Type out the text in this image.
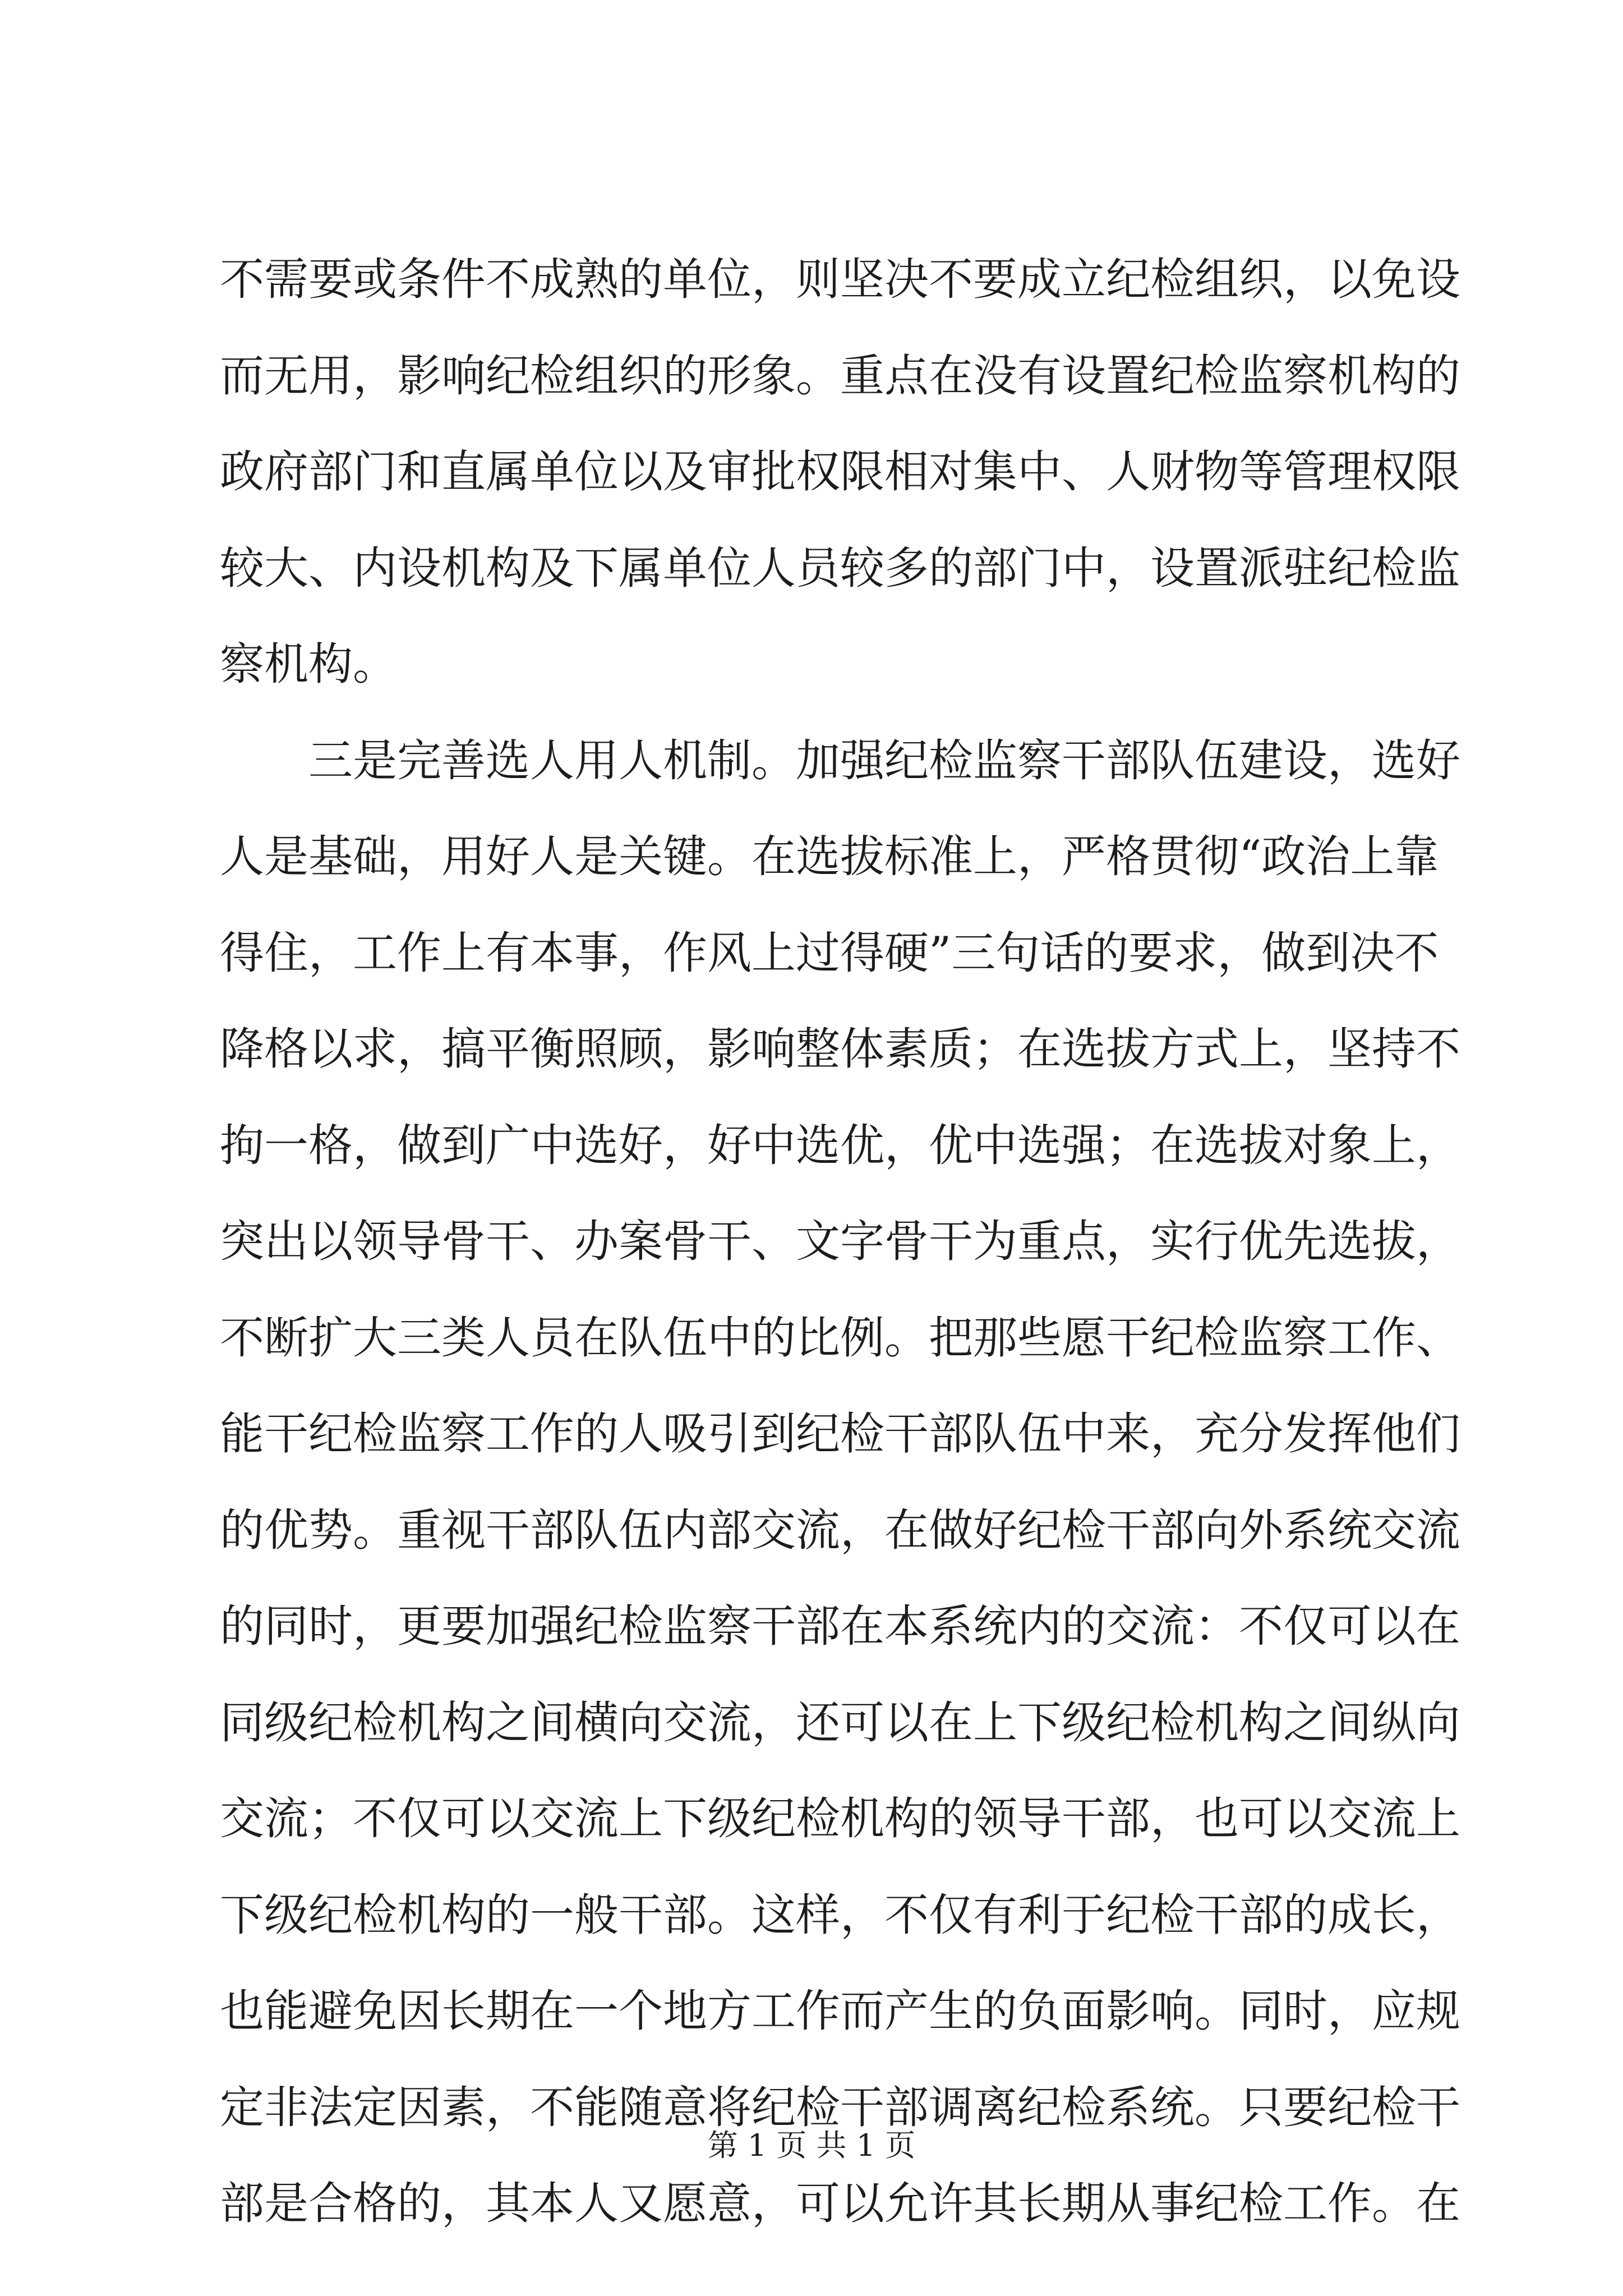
不需要或条件不成熟的单位，则坚决不要成立纪检组织，以免设
而无用，影响纪检组织的形象。重点在没有设置纪检监察机构的
政府部门和直属单位以及审批权限相对集中、人财物等管理权限
较大、内设机构及下属单位人员较多的部门中，设置派驻纪检监
察机构。
　　三是完善选人用人机制。加强纪检监察干部队伍建设，选好
人是基础，用好人是关键。在选拔标准上，严格贯彻“政治上靠
得住，工作上有本事，作风上过得硬”三句话的要求，做到决不
降格以求，搞平衡照顾，影响整体素质；在选拔方式上，坚持不
拘一格，做到广中选好，好中选优，优中选强；在选拔对象上，
突出以领导骨干、办案骨干、文字骨干为重点，实行优先选拔，
不断扩大三类人员在队伍中的比例。把那些愿干纪检监察工作、
能干纪检监察工作的人吸引到纪检干部队伍中来，充分发挥他们
的优势。重视干部队伍内部交流，在做好纪检干部向外系统交流
的同时，更要加强纪检监察干部在本系统内的交流：不仅可以在
同级纪检机构之间横向交流，还可以在上下级纪检机构之间纵向
交流；不仅可以交流上下级纪检机构的领导干部，也可以交流上
下级纪检机构的一般干部。这样，不仅有利于纪检干部的成长，
也能避免因长期在一个地方工作而产生的负面影响。同时，应规
定非法定因素，不能随意将纪检干部调离纪检系统。只要纪检干
部是合格的，其本人又愿意，可以允许其长期从事纪检工作。在
第 1 页 共 1 页
